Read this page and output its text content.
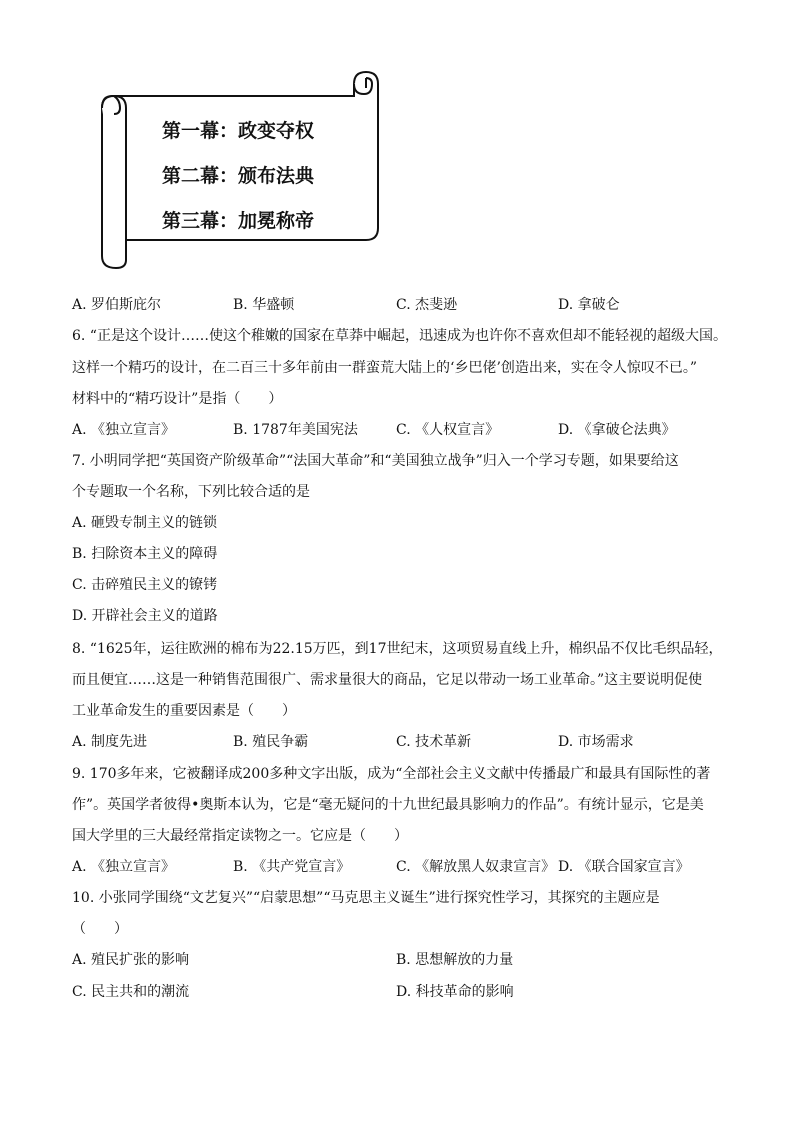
第一幕：政变夺权
第二幕：颁布法典
第三幕：加冕称帝
A. 罗伯斯庇尔	B. 华盛顿	C. 杰斐逊	D. 拿破仑
6. “正是这个设计……使这个稚嫩的国家在草莽中崛起，迅速成为也许你不喜欢但却不能轻视的超级大国。
这样一个精巧的设计，在二百三十多年前由一群蛮荒大陆上的‘乡巴佬’创造出来，实在令人惊叹不已。”
材料中的“精巧设计”是指（　　）
A. 《独立宣言》	B. 1787年美国宪法	C. 《人权宣言》	D. 《拿破仑法典》
7. 小明同学把“英国资产阶级革命”“法国大革命”和“美国独立战争”归入一个学习专题，如果要给这
个专题取一个名称，下列比较合适的是
A. 砸毁专制主义的链锁
B. 扫除资本主义的障碍
C. 击碎殖民主义的镣铐
D. 开辟社会主义的道路
8. “1625年，运往欧洲的棉布为22.15万匹，到17世纪末，这项贸易直线上升，棉织品不仅比毛织品轻，
而且便宜……这是一种销售范围很广、需求量很大的商品，它足以带动一场工业革命。”这主要说明促使
工业革命发生的重要因素是（　　）
A. 制度先进	B. 殖民争霸	C. 技术革新	D. 市场需求
9. 170多年来，它被翻译成200多种文字出版，成为“全部社会主义文献中传播最广和最具有国际性的著
作”。英国学者彼得•奥斯本认为，它是“毫无疑问的十九世纪最具影响力的作品”。有统计显示，它是美
国大学里的三大最经常指定读物之一。它应是（　　）
A. 《独立宣言》	B. 《共产党宣言》	C. 《解放黑人奴隶宣言》 D. 《联合国家宣言》
10. 小张同学围绕“文艺复兴”“启蒙思想”“马克思主义诞生”进行探究性学习，其探究的主题应是
（　　）
A. 殖民扩张的影响	B. 思想解放的力量
C. 民主共和的潮流	D. 科技革命的影响
